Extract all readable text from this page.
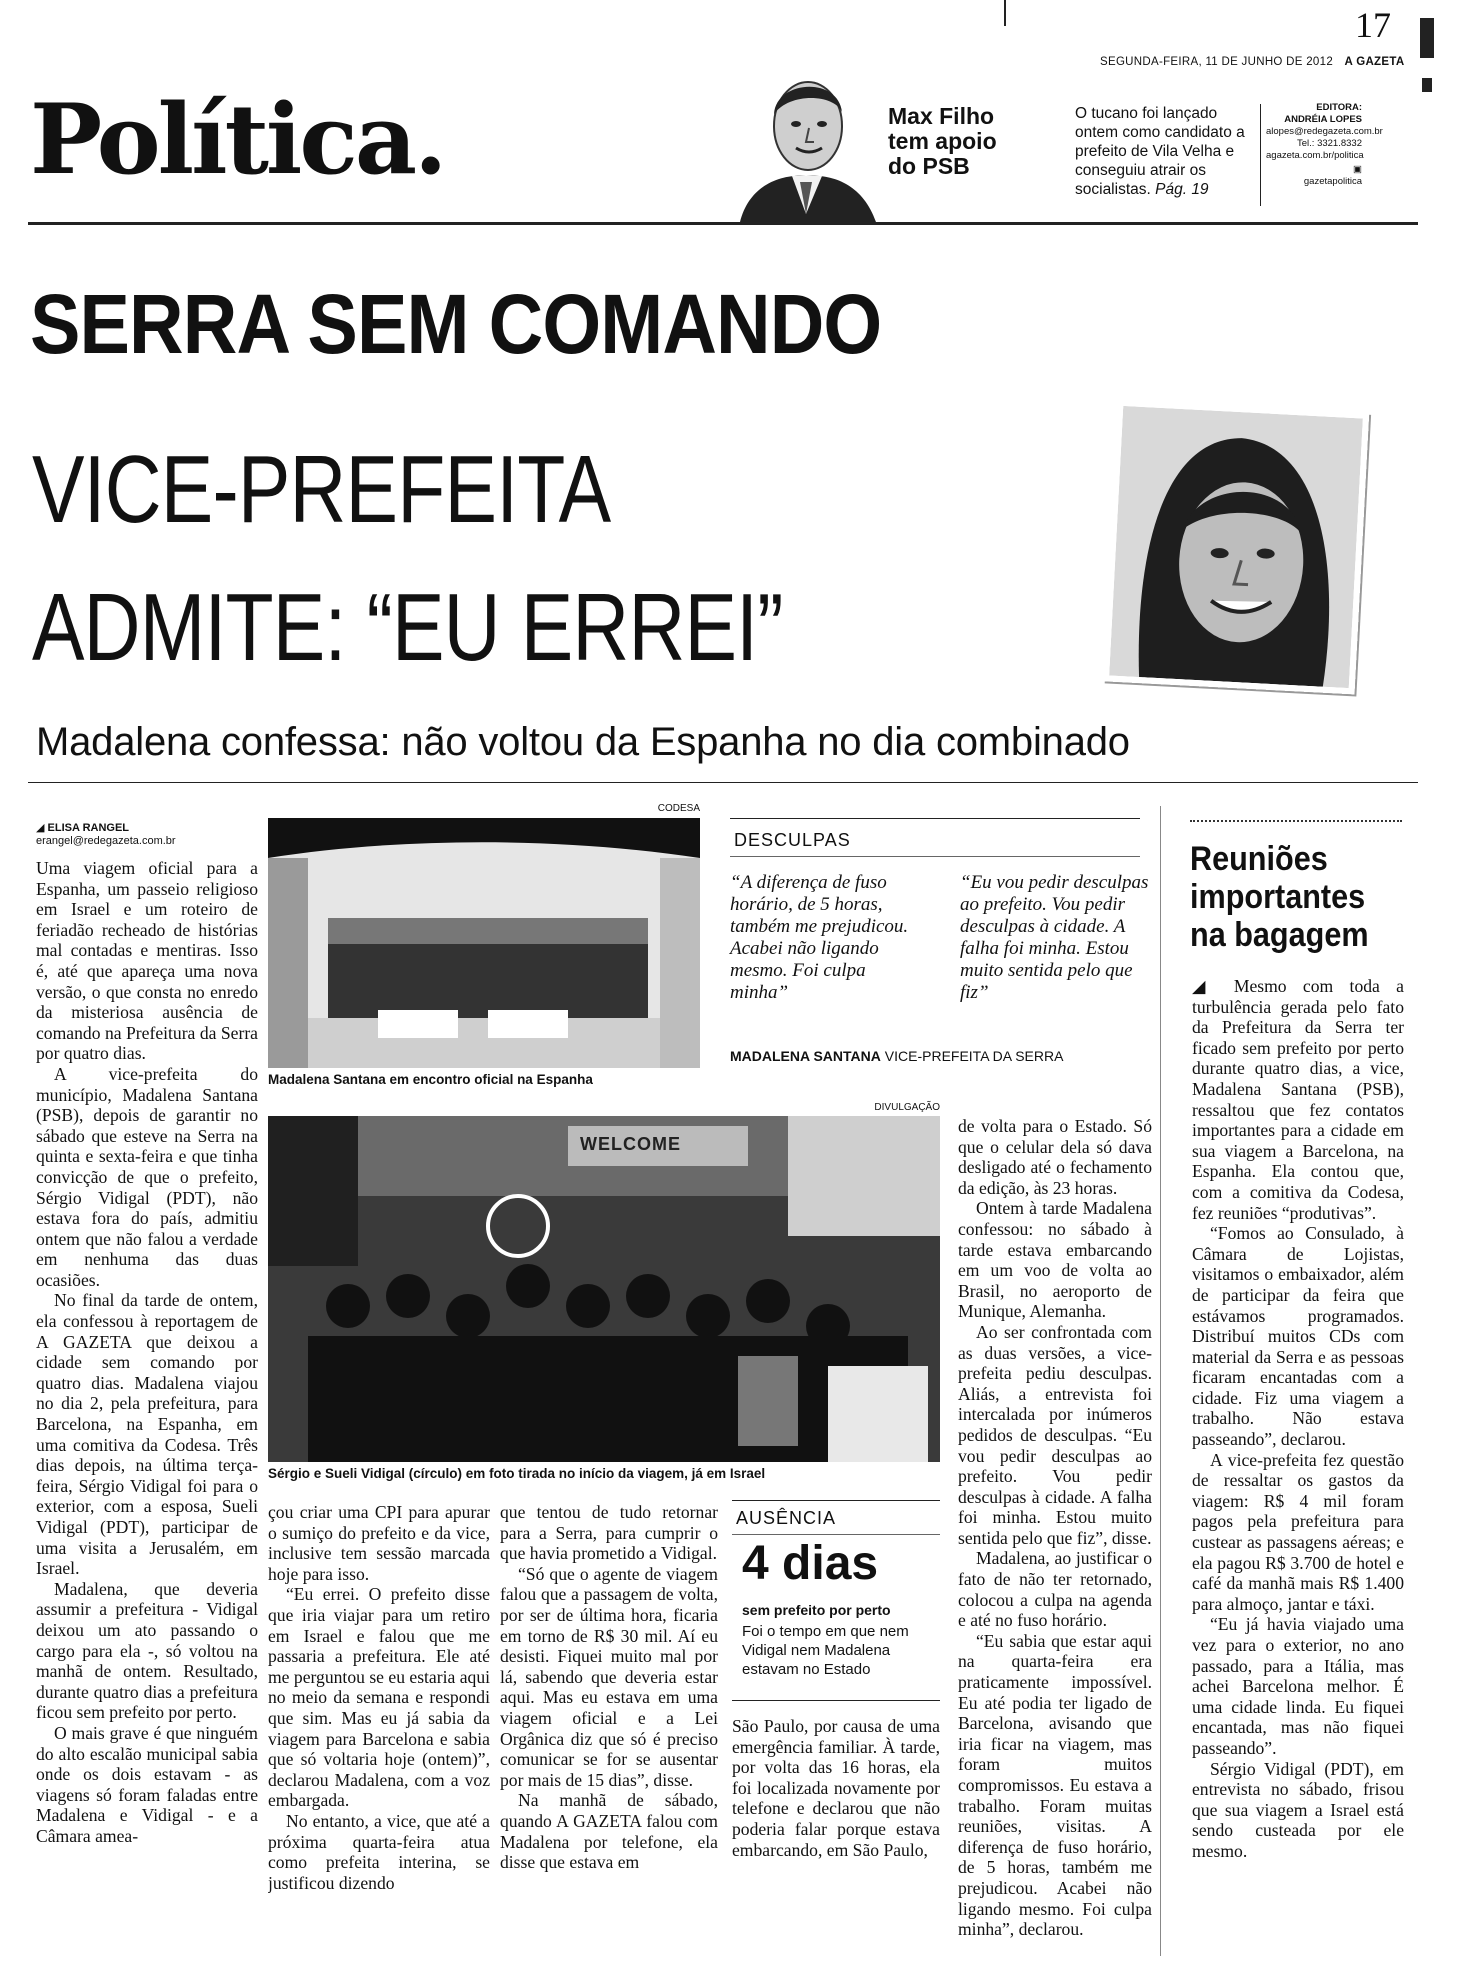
17
SEGUNDA-FEIRA, 11 DE JUNHO DE 2012 A GAZETA
Política.	Max Filho tem apoio do PSB
O tucano foi lançado ontem como candidato a prefeito de Vila Velha e conseguiu atrair os socialistas. Pág. 19
EDITORA:
ANDRÉIA LOPES
alopes@redegazeta.com.br
Tel.: 3321.8332
agazeta.com.br/politica
▣
gazetapolitica
SERRA SEM COMANDO
VICE-PREFEITA
ADMITE: “EU ERREI”
Madalena confessa: não voltou da Espanha no dia combinado
◢ ELISA RANGEL
erangel@redegazeta.com.br

Uma viagem oficial para a Espanha, um passeio religioso em Israel e um roteiro de feriadão recheado de histórias mal contadas e mentiras. Isso é, até que apareça uma nova versão, o que consta no enredo da misteriosa ausência de comando na Prefeitura da Serra por quatro dias.

A vice-prefeita do município, Madalena Santana (PSB), depois de garantir no sábado que esteve na Serra na quinta e sexta-feira e que tinha convicção de que o prefeito, Sérgio Vidigal (PDT), não estava fora do país, admitiu ontem que não falou a verdade em nenhuma das duas ocasiões.

No final da tarde de ontem, ela confessou à reportagem de A GAZETA que deixou a cidade sem comando por quatro dias. Madalena viajou no dia 2, pela prefeitura, para Barcelona, na Espanha, em uma comitiva da Codesa. Três dias depois, na última terça-feira, Sérgio Vidigal foi para o exterior, com a esposa, Sueli Vidigal (PDT), participar de uma visita a Jerusalém, em Israel.

Madalena, que deveria assumir a prefeitura - Vidigal deixou um ato passando o cargo para ela -, só voltou na manhã de ontem. Resultado, durante quatro dias a prefeitura ficou sem prefeito por perto.

O mais grave é que ninguém do alto escalão municipal sabia onde os dois estavam - as viagens só foram faladas entre Madalena e Vidigal - e a Câmara amea-

CODESA
Madalena Santana em encontro oficial na Espanha
DESCULPAS
“A diferença de fuso horário, de 5 horas, também me prejudicou. Acabei não ligando mesmo. Foi culpa minha”
“Eu vou pedir desculpas ao prefeito. Vou pedir desculpas à cidade. A falha foi minha. Estou muito sentida pelo que fiz”
MADALENA SANTANA VICE-PREFEITA DA SERRA
Reuniões importantes na bagagem

◢ Mesmo com toda a turbulência gerada pelo fato da Prefeitura da Serra ter ficado sem prefeito por perto durante quatro dias, a vice, Madalena Santana (PSB), ressaltou que fez contatos importantes para a cidade em sua viagem a Barcelona, na Espanha. Ela contou que, com a comitiva da Codesa, fez reuniões “produtivas”.

“Fomos ao Consulado, à Câmara de Lojistas, visitamos o embaixador, além de participar da feira que estávamos programados. Distribuí muitos CDs com material da Serra e as pessoas ficaram encantadas com a cidade. Fiz uma viagem a trabalho. Não estava passeando”, declarou.

A vice-prefeita fez questão de ressaltar os gastos da viagem: R$ 4 mil foram pagos pela prefeitura para custear as passagens aéreas; e ela pagou R$ 3.700 de hotel e café da manhã mais R$ 1.400 para almoço, jantar e táxi.

“Eu já havia viajado uma vez para o exterior, no ano passado, para a Itália, mas achei Barcelona melhor. É uma cidade linda. Eu fiquei encantada, mas não fiquei passeando”.

Sérgio Vidigal (PDT), em entrevista no sábado, frisou que sua viagem a Israel está sendo custeada por ele mesmo.

DIVULGAÇÃO
WELCOME
Sérgio e Sueli Vidigal (círculo) em foto tirada no início da viagem, já em Israel

çou criar uma CPI para apurar o sumiço do prefeito e da vice, inclusive tem sessão marcada hoje para isso.

“Eu errei. O prefeito disse que iria viajar para um retiro em Israel e falou que me passaria a prefeitura. Ele até me perguntou se eu estaria aqui no meio da semana e respondi que sim. Mas eu já sabia da viagem para Barcelona e sabia que só voltaria hoje (ontem)”, declarou Madalena, com a voz embargada.

No entanto, a vice, que até a próxima quarta-feira atua como prefeita interina, se justificou dizendo

que tentou de tudo retornar para a Serra, para cumprir o que havia prometido a Vidigal.

“Só que o agente de viagem falou que a passagem de volta, por ser de última hora, ficaria em torno de R$ 30 mil. Aí eu desisti. Fiquei muito mal por lá, sabendo que deveria estar aqui. Mas eu estava em uma viagem oficial e a Lei Orgânica diz que só é preciso comunicar se for se ausentar por mais de 15 dias”, disse.

Na manhã de sábado, quando A GAZETA falou com Madalena por telefone, ela disse que estava em

AUSÊNCIA
4 dias
sem prefeito por perto
Foi o tempo em que nem Vidigal nem Madalena estavam no Estado

São Paulo, por causa de uma emergência familiar. À tarde, por volta das 16 horas, ela foi localizada novamente por telefone e declarou que não poderia falar porque estava embarcando, em São Paulo,

de volta para o Estado. Só que o celular dela só dava desligado até o fechamento da edição, às 23 horas.

Ontem à tarde Madalena confessou: no sábado à tarde estava embarcando em um voo de volta ao Brasil, no aeroporto de Munique, Alemanha.

Ao ser confrontada com as duas versões, a vice-prefeita pediu desculpas. Aliás, a entrevista foi intercalada por inúmeros pedidos de desculpas. “Eu vou pedir desculpas ao prefeito. Vou pedir desculpas à cidade. A falha foi minha. Estou muito sentida pelo que fiz”, disse.

Madalena, ao justificar o fato de não ter retornado, colocou a culpa na agenda e até no fuso horário.

“Eu sabia que estar aqui na quarta-feira era praticamente impossível. Eu até podia ter ligado de Barcelona, avisando que iria ficar na viagem, mas foram muitos compromissos. Eu estava a trabalho. Foram muitas reuniões, visitas. A diferença de fuso horário, de 5 horas, também me prejudicou. Acabei não ligando mesmo. Foi culpa minha”, declarou.
